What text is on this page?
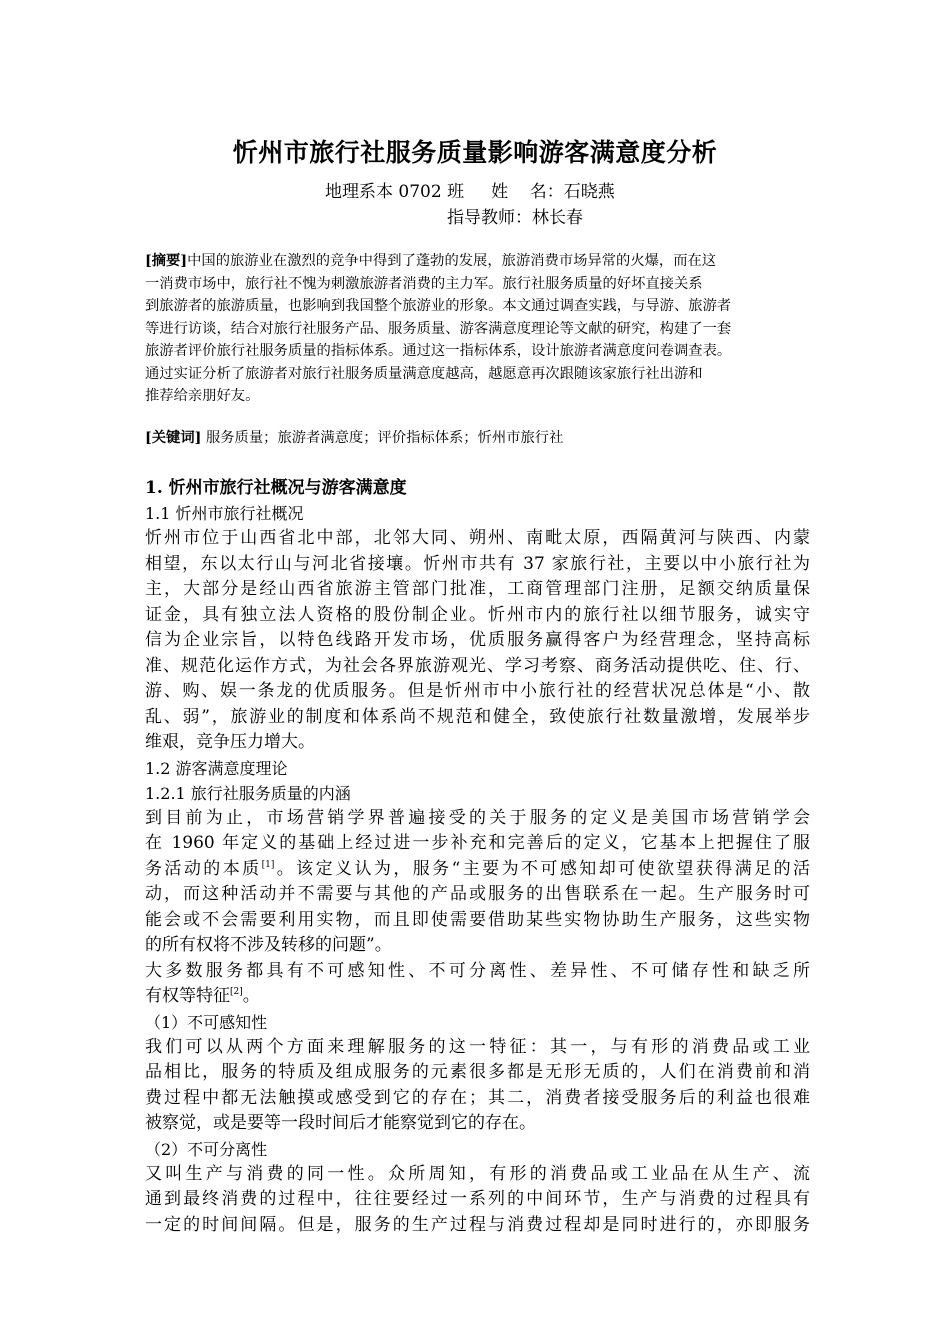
忻州市旅行社服务质量影响游客满意度分析
地理系本 0702 班     姓    名：石晓燕
指导教师：林长春
[摘要]中国的旅游业在激烈的竞争中得到了蓬勃的发展，旅游消费市场异常的火爆，而在这
一消费市场中，旅行社不愧为刺激旅游者消费的主力军。旅行社服务质量的好坏直接关系
到旅游者的旅游质量，也影响到我国整个旅游业的形象。本文通过调查实践，与导游、旅游者
等进行访谈，结合对旅行社服务产品、服务质量、游客满意度理论等文献的研究，构建了一套
旅游者评价旅行社服务质量的指标体系。通过这一指标体系，设计旅游者满意度问卷调查表。
通过实证分析了旅游者对旅行社服务质量满意度越高，越愿意再次跟随该家旅行社出游和
推荐给亲朋好友。
[关键词] 服务质量；旅游者满意度；评价指标体系；忻州市旅行社
1. 忻州市旅行社概况与游客满意度
1.1 忻州市旅行社概况
忻州市位于山西省北中部，北邻大同、朔州、南毗太原，西隔黄河与陕西、内蒙
相望，东以太行山与河北省接壤。忻州市共有 37 家旅行社，主要以中小旅行社为
主，大部分是经山西省旅游主管部门批准，工商管理部门注册，足额交纳质量保
证金，具有独立法人资格的股份制企业。忻州市内的旅行社以细节服务，诚实守
信为企业宗旨，以特色线路开发市场，优质服务赢得客户为经营理念，坚持高标
准、规范化运作方式，为社会各界旅游观光、学习考察、商务活动提供吃、住、行、
游、购、娱一条龙的优质服务。但是忻州市中小旅行社的经营状况总体是“小、散
乱、弱”，旅游业的制度和体系尚不规范和健全，致使旅行社数量激增，发展举步
维艰，竞争压力增大。
1.2 游客满意度理论
1.2.1 旅行社服务质量的内涵
到目前为止，市场营销学界普遍接受的关于服务的定义是美国市场营销学会
在 1960 年定义的基础上经过进一步补充和完善后的定义，它基本上把握住了服
务活动的本质[1]。该定义认为，服务“主要为不可感知却可使欲望获得满足的活
动，而这种活动并不需要与其他的产品或服务的出售联系在一起。生产服务时可
能会或不会需要利用实物，而且即使需要借助某些实物协助生产服务，这些实物
的所有权将不涉及转移的问题”。
大多数服务都具有不可感知性、不可分离性、差异性、不可储存性和缺乏所
有权等特征[2]。
（1）不可感知性
我们可以从两个方面来理解服务的这一特征：其一，与有形的消费品或工业
品相比，服务的特质及组成服务的元素很多都是无形无质的，人们在消费前和消
费过程中都无法触摸或感受到它的存在；其二，消费者接受服务后的利益也很难
被察觉，或是要等一段时间后才能察觉到它的存在。
（2）不可分离性
又叫生产与消费的同一性。众所周知，有形的消费品或工业品在从生产、流
通到最终消费的过程中，往往要经过一系列的中间环节，生产与消费的过程具有
一定的时间间隔。但是，服务的生产过程与消费过程却是同时进行的，亦即服务
